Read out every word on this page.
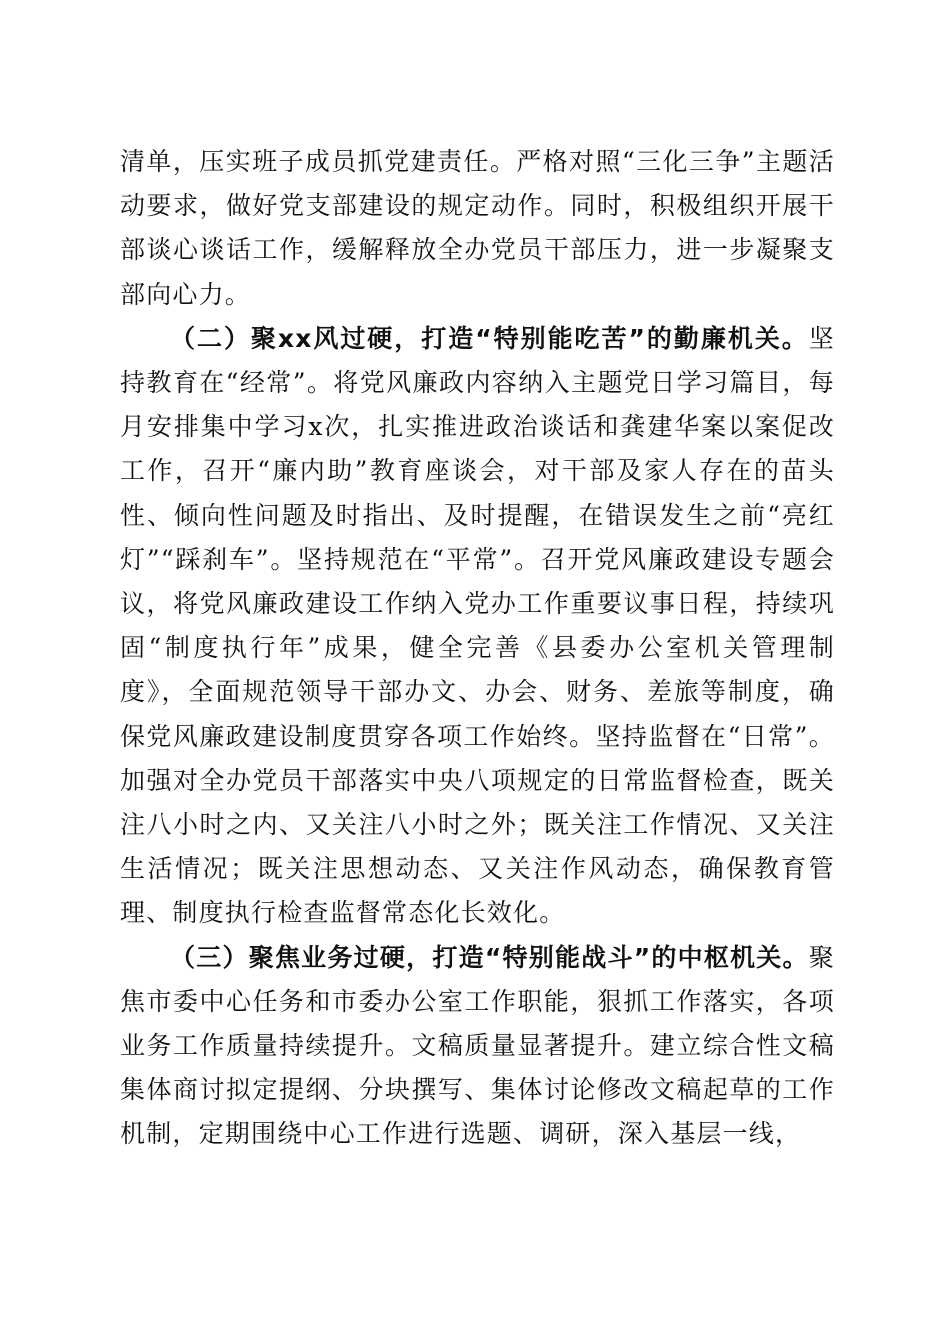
清单，压实班子成员抓党建责任。严格对照“三化三争”主题活动要求，做好党支部建设的规定动作。同时，积极组织开展干部谈心谈话工作，缓解释放全办党员干部压力，进一步凝聚支部向心力。

（二）聚xx风过硬，打造“特别能吃苦”的勤廉机关。坚持教育在“经常”。将党风廉政内容纳入主题党日学习篇目，每月安排集中学习x次，扎实推进政治谈话和龚建华案以案促改工作，召开“廉内助”教育座谈会，对干部及家人存在的苗头性、倾向性问题及时指出、及时提醒，在错误发生之前“亮红灯”“踩刹车”。坚持规范在“平常”。召开党风廉政建设专题会议，将党风廉政建设工作纳入党办工作重要议事日程，持续巩固“制度执行年”成果，健全完善《县委办公室机关管理制度》，全面规范领导干部办文、办会、财务、差旅等制度，确保党风廉政建设制度贯穿各项工作始终。坚持监督在“日常”。加强对全办党员干部落实中央八项规定的日常监督检查，既关注八小时之内、又关注八小时之外；既关注工作情况、又关注生活情况；既关注思想动态、又关注作风动态，确保教育管理、制度执行检查监督常态化长效化。

（三）聚焦业务过硬，打造“特别能战斗”的中枢机关。聚焦市委中心任务和市委办公室工作职能，狠抓工作落实，各项业务工作质量持续提升。文稿质量显著提升。建立综合性文稿集体商讨拟定提纲、分块撰写、集体讨论修改文稿起草的工作机制，定期围绕中心工作进行选题、调研，深入基层一线，
